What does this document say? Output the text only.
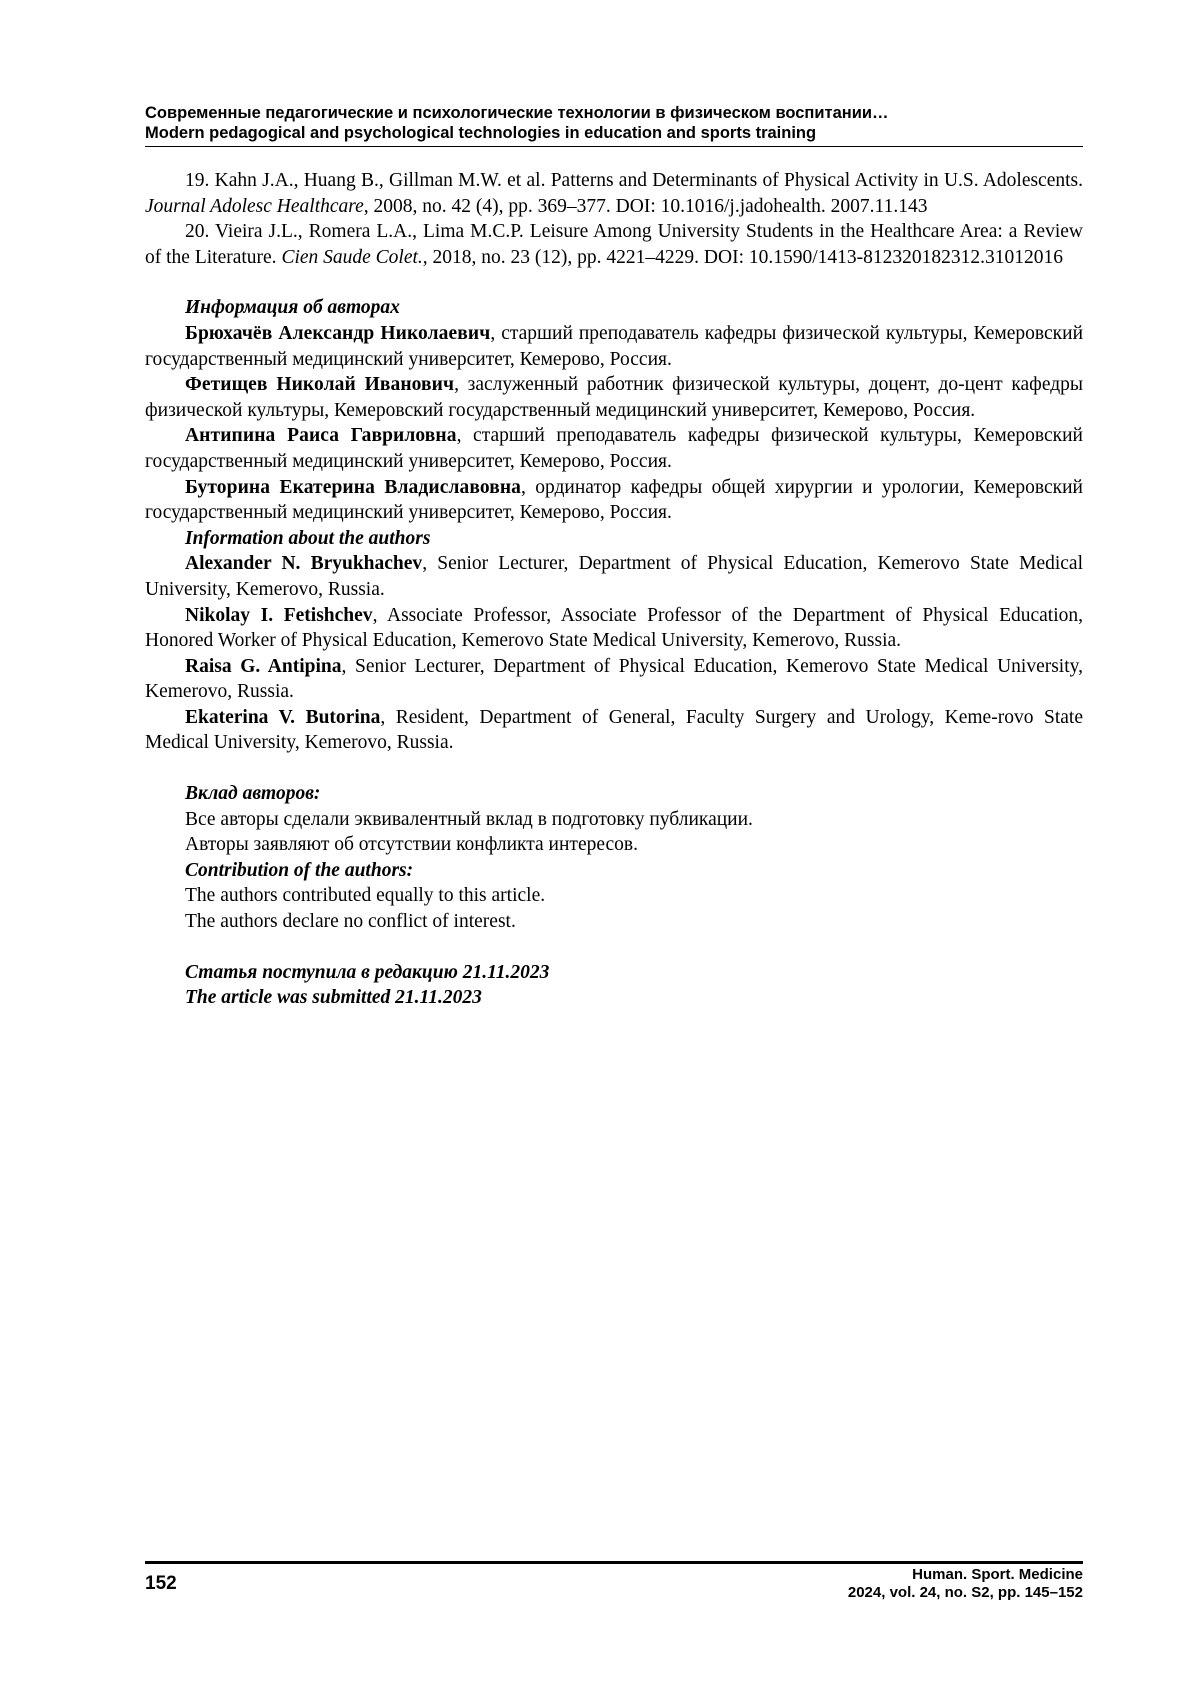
Современные педагогические и психологические технологии в физическом воспитании…
Modern pedagogical and psychological technologies in education and sports training

19. Kahn J.A., Huang B., Gillman M.W. et al. Patterns and Determinants of Physical Activity in U.S. Adolescents. Journal Adolesc Healthcare, 2008, no. 42 (4), pp. 369–377. DOI: 10.1016/j.jadohealth. 2007.11.143

20. Vieira J.L., Romera L.A., Lima M.C.P. Leisure Among University Students in the Healthcare Area: a Review of the Literature. Cien Saude Colet., 2018, no. 23 (12), pp. 4221–4229. DOI: 10.1590/1413-812320182312.31012016

Информация об авторах

Брюхачёв Александр Николаевич, старший преподаватель кафедры физической культуры, Кемеровский государственный медицинский университет, Кемерово, Россия.

Фетищев Николай Иванович, заслуженный работник физической культуры, доцент, до-цент кафедры физической культуры, Кемеровский государственный медицинский университет, Кемерово, Россия.

Антипина Раиса Гавриловна, старший преподаватель кафедры физической культуры, Кемеровский государственный медицинский университет, Кемерово, Россия.

Буторина Екатерина Владиславовна, ординатор кафедры общей хирургии и урологии, Кемеровский государственный медицинский университет, Кемерово, Россия.

Information about the authors

Alexander N. Bryukhachev, Senior Lecturer, Department of Physical Education, Kemerovo State Medical University, Kemerovo, Russia.

Nikolay I. Fetishchev, Associate Professor, Associate Professor of the Department of Physical Education, Honored Worker of Physical Education, Kemerovo State Medical University, Kemerovo, Russia.

Raisa G. Antipina, Senior Lecturer, Department of Physical Education, Kemerovo State Medical University, Kemerovo, Russia.

Ekaterina V. Butorina, Resident, Department of General, Faculty Surgery and Urology, Keme-rovo State Medical University, Kemerovo, Russia.

Вклад авторов:

Все авторы сделали эквивалентный вклад в подготовку публикации.

Авторы заявляют об отсутствии конфликта интересов.

Contribution of the authors:

The authors contributed equally to this article.

The authors declare no conflict of interest.

Статья поступила в редакцию 21.11.2023

The article was submitted 21.11.2023

152	Human. Sport. Medicine
2024, vol. 24, no. S2, pp. 145–152
